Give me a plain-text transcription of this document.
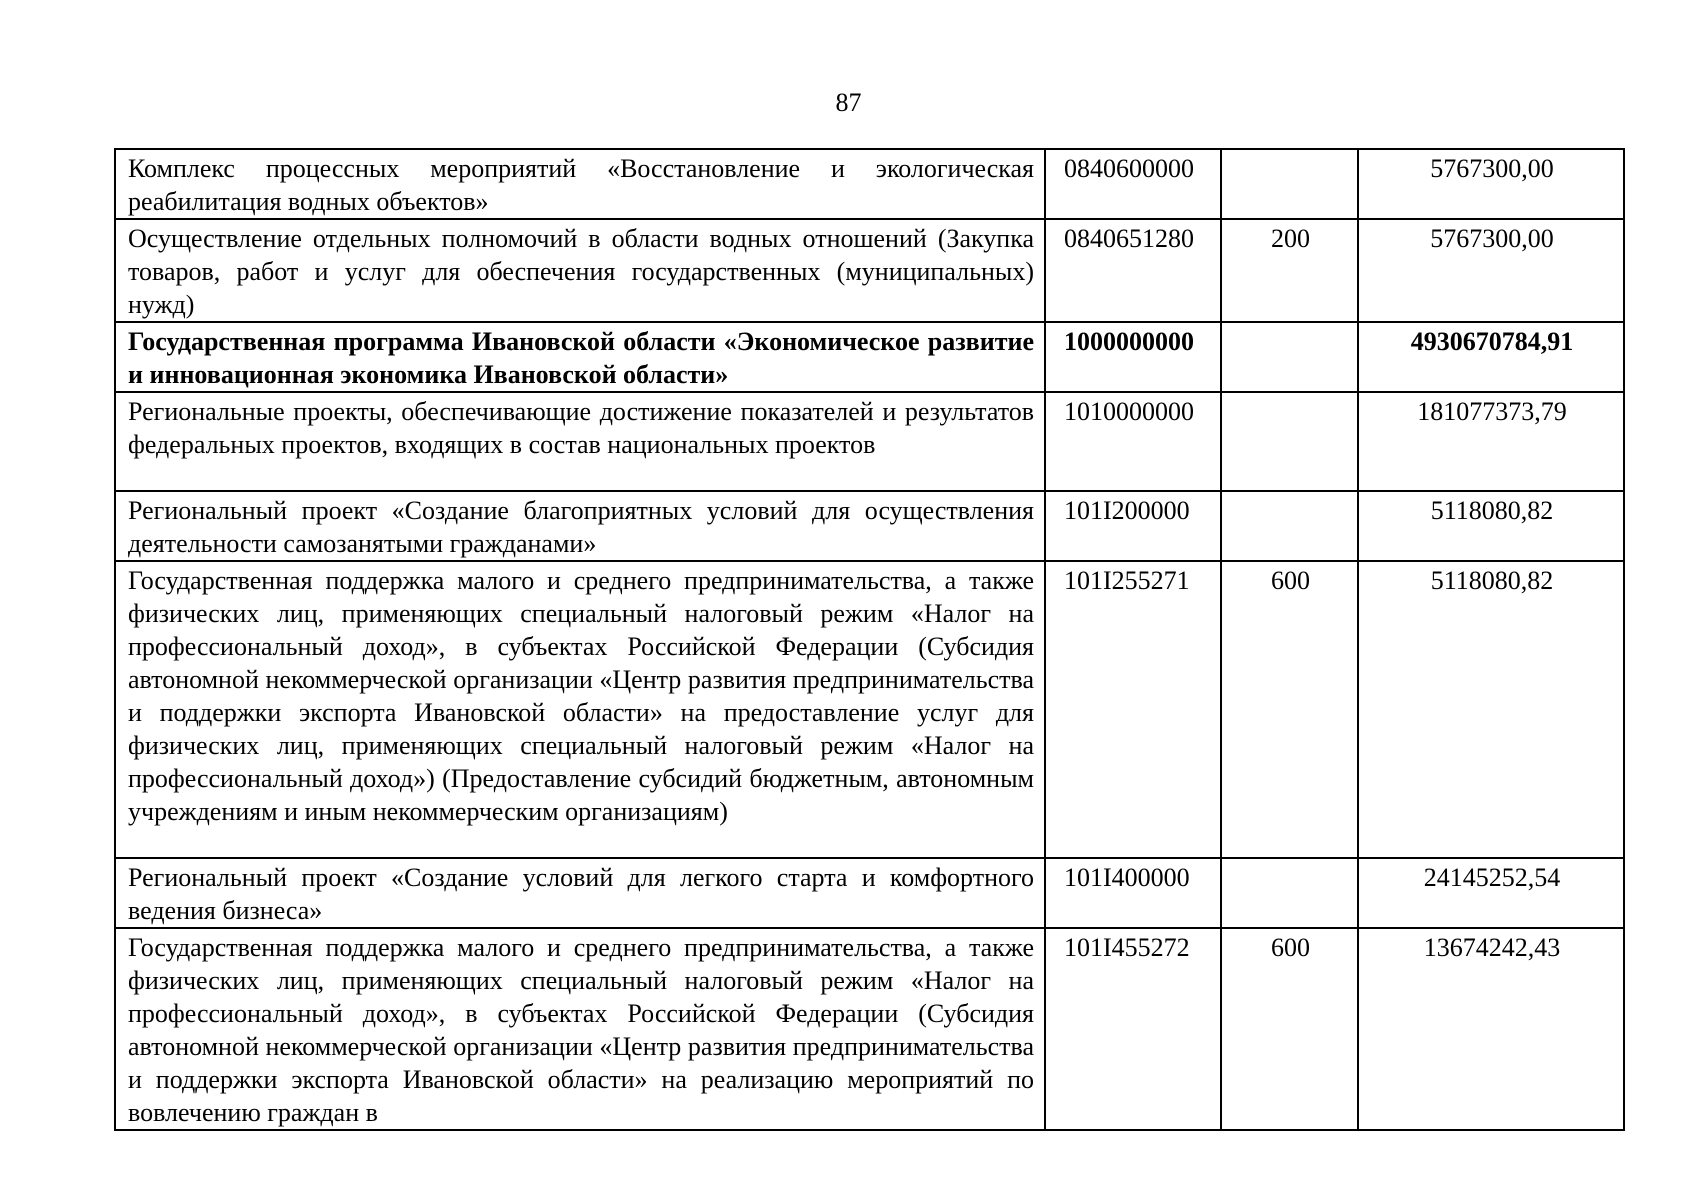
87
Комплекс процессных мероприятий «Восстановление и экологическая реабилитация водных объектов»	0840600000		5767300,00
Осуществление отдельных полномочий в области водных отношений (Закупка товаров, работ и услуг для обеспечения государственных (муниципальных) нужд)	0840651280	200	5767300,00
Государственная программа Ивановской области «Экономическое развитие и инновационная экономика Ивановской области»	1000000000		4930670784,91
Региональные проекты, обеспечивающие достижение показателей и результатов федеральных проектов, входящих в состав национальных проектов	1010000000		181077373,79
Региональный проект «Создание благоприятных условий для осуществления деятельности самозанятыми гражданами»	101I200000		5118080,82
Государственная поддержка малого и среднего предпринимательства, а также физических лиц, применяющих специальный налоговый режим «Налог на профессиональный доход», в субъектах Российской Федерации (Субсидия автономной некоммерческой организации «Центр развития предпринимательства и поддержки экспорта Ивановской области» на предоставление услуг для физических лиц, применяющих специальный налоговый режим «Налог на профессиональный доход») (Предоставление субсидий бюджетным, автономным учреждениям и иным некоммерческим организациям)	101I255271	600	5118080,82
Региональный проект «Создание условий для легкого старта и комфортного ведения бизнеса»	101I400000		24145252,54
Государственная поддержка малого и среднего предпринимательства, а также физических лиц, применяющих специальный налоговый режим «Налог на профессиональный доход», в субъектах Российской Федерации (Субсидия автономной некоммерческой организации «Центр развития предпринимательства и поддержки экспорта Ивановской области» на реализацию мероприятий по вовлечению граждан в	101I455272	600	13674242,43
